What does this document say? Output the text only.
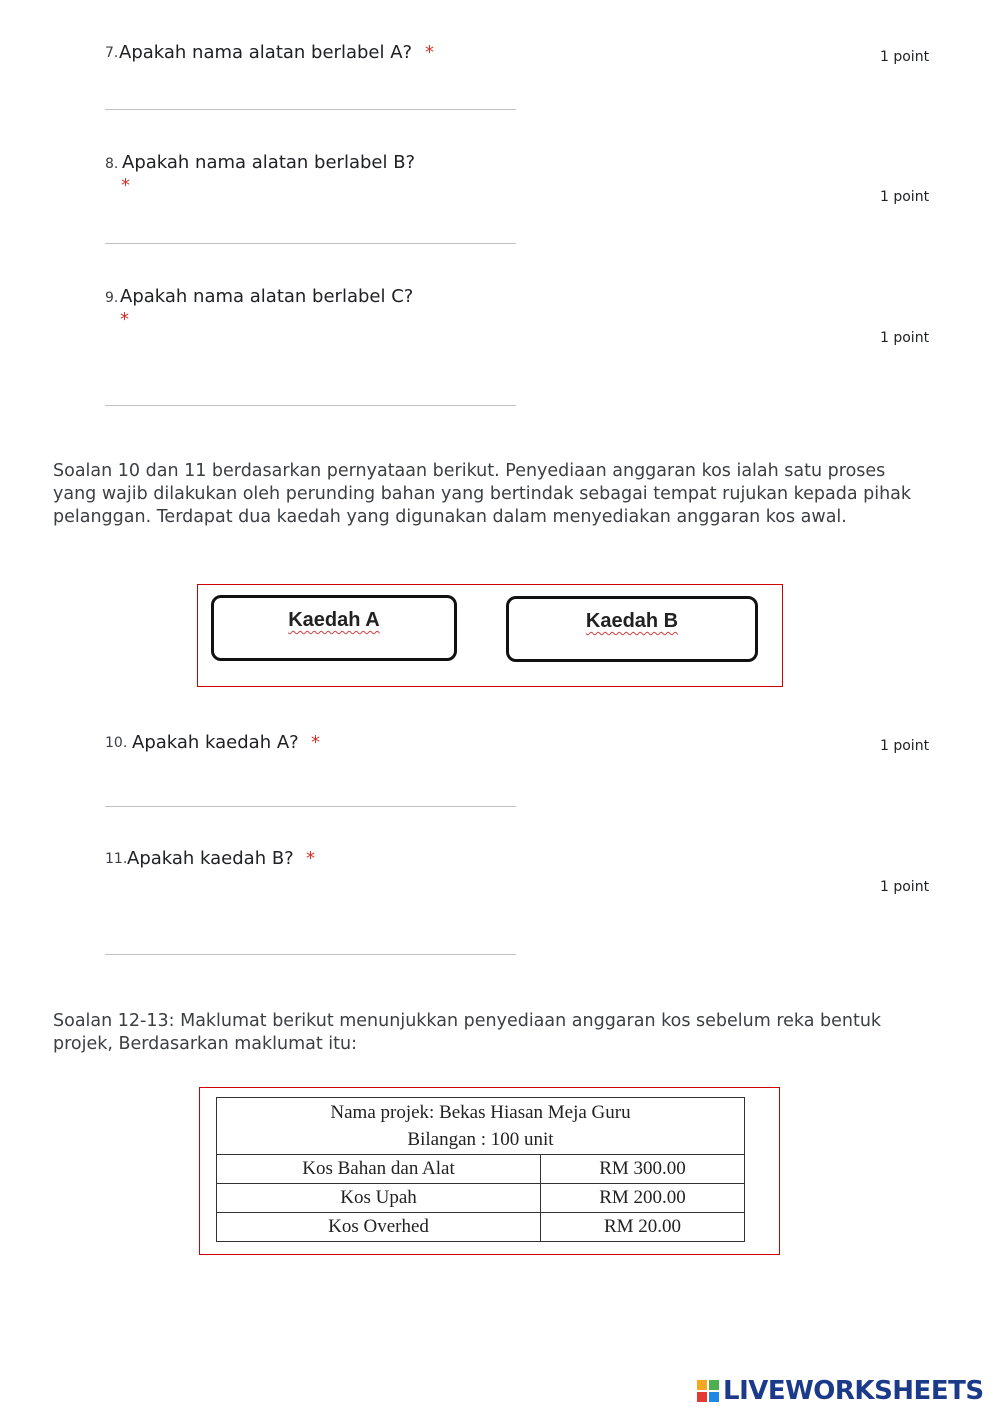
7. Apakah nama alatan berlabel A? *	1 point
8. Apakah nama alatan berlabel B?
*
1 point
9. Apakah nama alatan berlabel C?
*
1 point

Soalan 10 dan 11 berdasarkan pernyataan berikut. Penyediaan anggaran kos ialah satu proses yang wajib dilakukan oleh perunding bahan yang bertindak sebagai tempat rujukan kepada pihak pelanggan. Terdapat dua kaedah yang digunakan dalam menyediakan anggaran kos awal.

Kaedah A	Kaedah B
10. Apakah kaedah A? *	1 point
11. Apakah kaedah B? *
1 point

Soalan 12-13: Maklumat berikut menunjukkan penyediaan anggaran kos sebelum reka bentuk projek, Berdasarkan maklumat itu:

Nama projek: Bekas Hiasan Meja Guru
Bilangan : 100 unit	

Kos Bahan dan Alat	RM 300.00
Kos Upah	RM 200.00
Kos Overhed	RM 20.00
LIVEWORKSHEETS
